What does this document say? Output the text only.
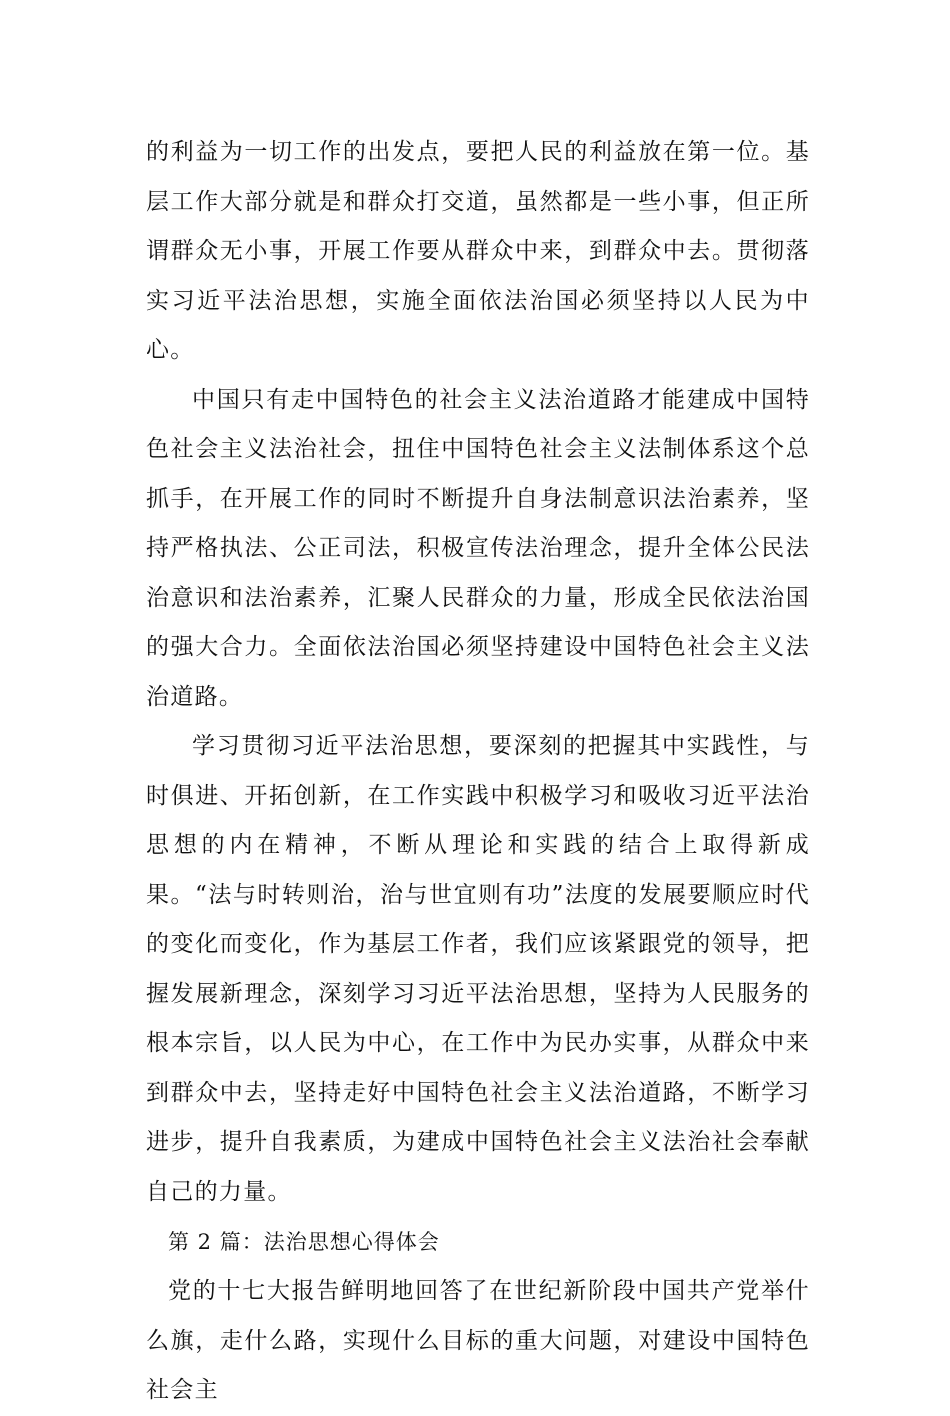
的利益为一切工作的出发点，要把人民的利益放在第一位。基层工作大部分就是和群众打交道，虽然都是一些小事，但正所谓群众无小事，开展工作要从群众中来，到群众中去。贯彻落实习近平法治思想，实施全面依法治国必须坚持以人民为中心。

中国只有走中国特色的社会主义法治道路才能建成中国特色社会主义法治社会，扭住中国特色社会主义法制体系这个总抓手，在开展工作的同时不断提升自身法制意识法治素养，坚持严格执法、公正司法，积极宣传法治理念，提升全体公民法治意识和法治素养，汇聚人民群众的力量，形成全民依法治国的强大合力。全面依法治国必须坚持建设中国特色社会主义法治道路。

学习贯彻习近平法治思想，要深刻的把握其中实践性，与时俱进、开拓创新，在工作实践中积极学习和吸收习近平法治思想的内在精神，不断从理论和实践的结合上取得新成果。“法与时转则治，治与世宜则有功”法度的发展要顺应时代的变化而变化，作为基层工作者，我们应该紧跟党的领导，把握发展新理念，深刻学习习近平法治思想，坚持为人民服务的根本宗旨，以人民为中心，在工作中为民办实事，从群众中来到群众中去，坚持走好中国特色社会主义法治道路，不断学习进步，提升自我素质，为建成中国特色社会主义法治社会奉献自己的力量。

第 2 篇：法治思想心得体会

党的十七大报告鲜明地回答了在世纪新阶段中国共产党举什么旗，走什么路，实现什么目标的重大问题，对建设中国特色社会主
